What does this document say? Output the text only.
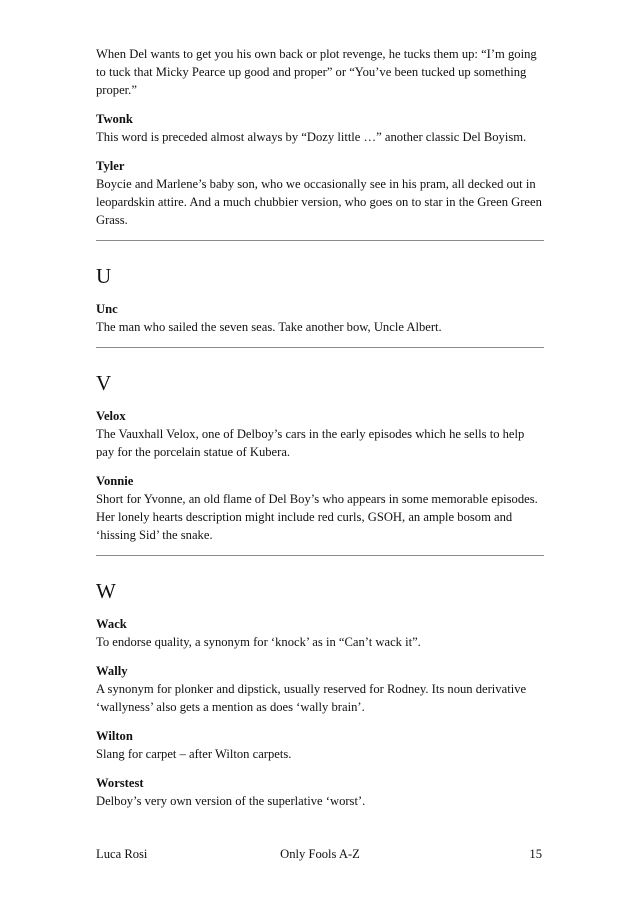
When Del wants to get you his own back or plot revenge, he tucks them up: “I’m going to tuck that Micky Pearce up good and proper” or “You’ve been tucked up something proper.”

Twonk
This word is preceded almost always by “Dozy little …” another classic Del Boyism.
Tyler
Boycie and Marlene’s baby son, who we occasionally see in his pram, all decked out in leopardskin attire. And a much chubbier version, who goes on to star in the Green Green Grass.
U
Unc
The man who sailed the seven seas. Take another bow, Uncle Albert.
V
Velox
The Vauxhall Velox, one of Delboy’s cars in the early episodes which he sells to help pay for the porcelain statue of Kubera.
Vonnie
Short for Yvonne, an old flame of Del Boy’s who appears in some memorable episodes. Her lonely hearts description might include red curls, GSOH, an ample bosom and ‘hissing Sid’ the snake.
W
Wack
To endorse quality, a synonym for ‘knock’ as in “Can’t wack it”.
Wally
A synonym for plonker and dipstick, usually reserved for Rodney. Its noun derivative ‘wallyness’ also gets a mention as does ‘wally brain’.
Wilton
Slang for carpet – after Wilton carpets.
Worstest
Delboy’s very own version of the superlative ‘worst’.
Luca Rosi	Only Fools A-Z	15
